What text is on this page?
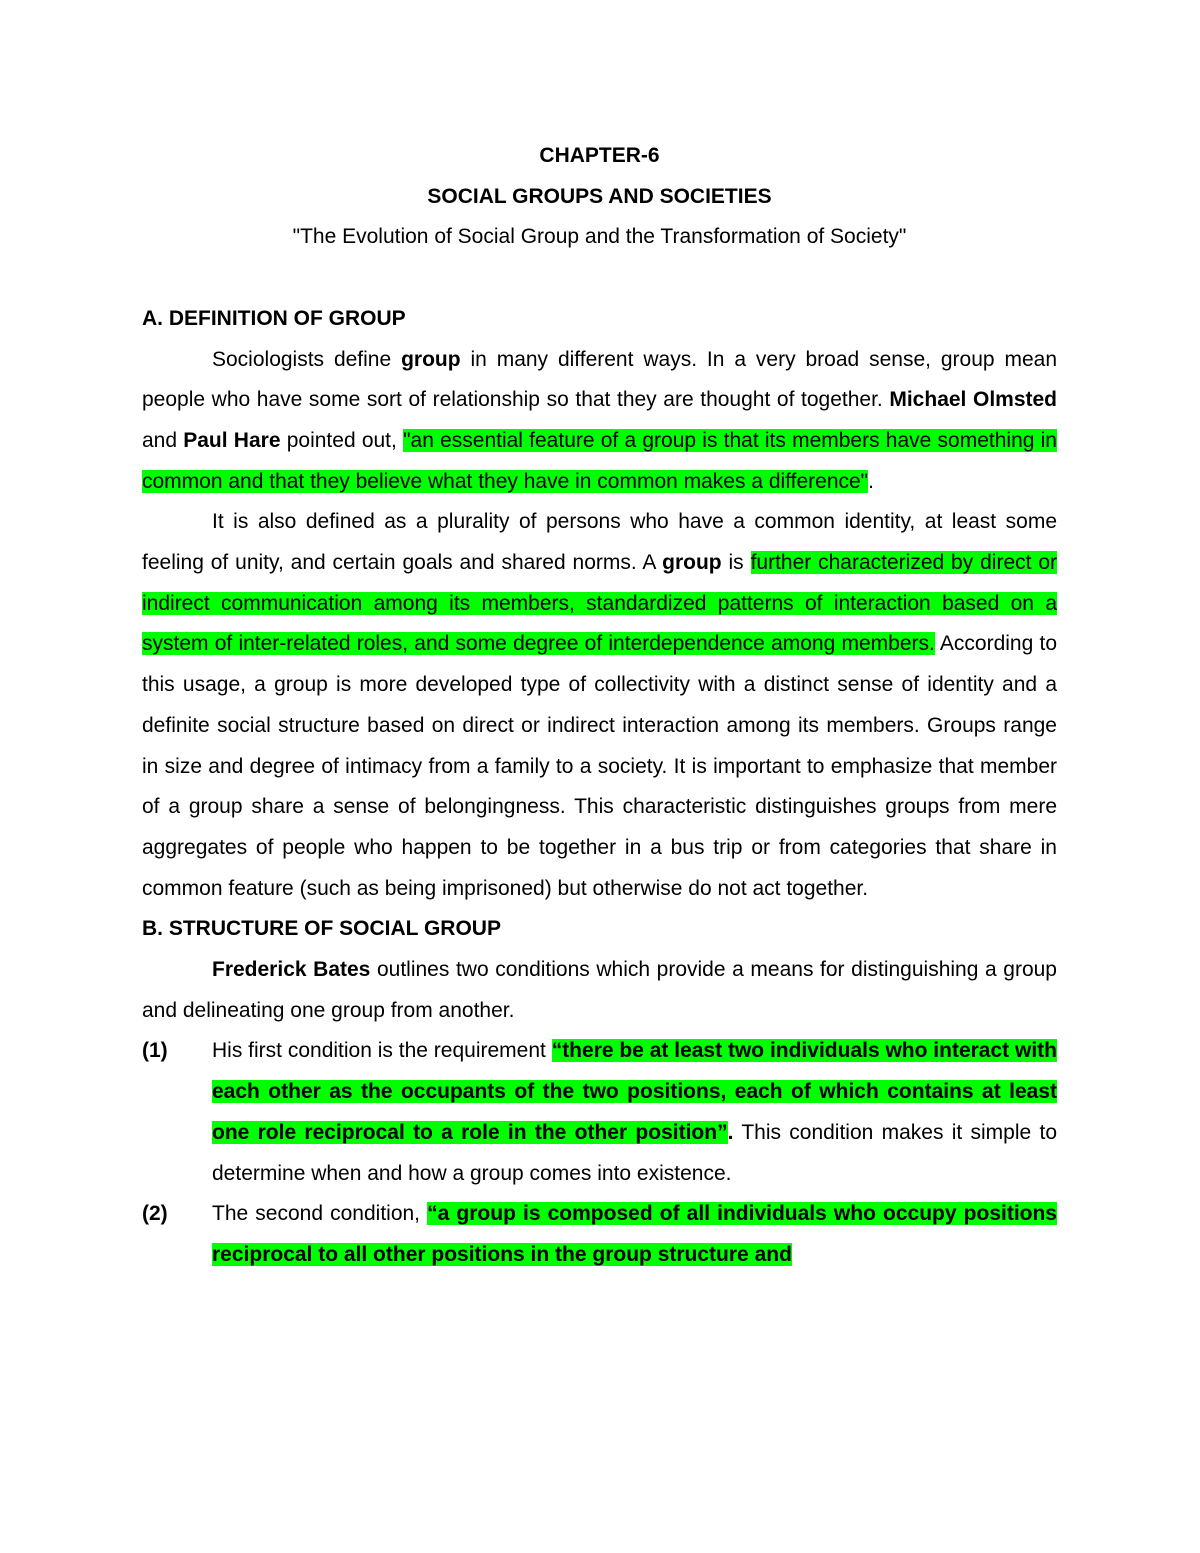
CHAPTER-6

SOCIAL GROUPS AND SOCIETIES

"The Evolution of Social Group and the Transformation of Society"

A. DEFINITION OF GROUP

Sociologists define group in many different ways. In a very broad sense, group mean people who have some sort of relationship so that they are thought of together. Michael Olmsted and Paul Hare pointed out, "an essential feature of a group is that its members have something in common and that they believe what they have in common makes a difference".

It is also defined as a plurality of persons who have a common identity, at least some feeling of unity, and certain goals and shared norms. A group is further characterized by direct or indirect communication among its members, standardized patterns of interaction based on a system of inter-related roles, and some degree of interdependence among members. According to this usage, a group is more developed type of collectivity with a distinct sense of identity and a definite social structure based on direct or indirect interaction among its members. Groups range in size and degree of intimacy from a family to a society. It is important to emphasize that member of a group share a sense of belongingness. This characteristic distinguishes groups from mere aggregates of people who happen to be together in a bus trip or from categories that share in common feature (such as being imprisoned) but otherwise do not act together.

B. STRUCTURE OF SOCIAL GROUP

Frederick Bates outlines two conditions which provide a means for distinguishing a group and delineating one group from another.

(1)	His first condition is the requirement “there be at least two individuals who interact with each other as the occupants of the two positions, each of which contains at least one role reciprocal to a role in the other position”. This condition makes it simple to determine when and how a group comes into existence.

(2)	The second condition, “a group is composed of all individuals who occupy positions reciprocal to all other positions in the group structure and
